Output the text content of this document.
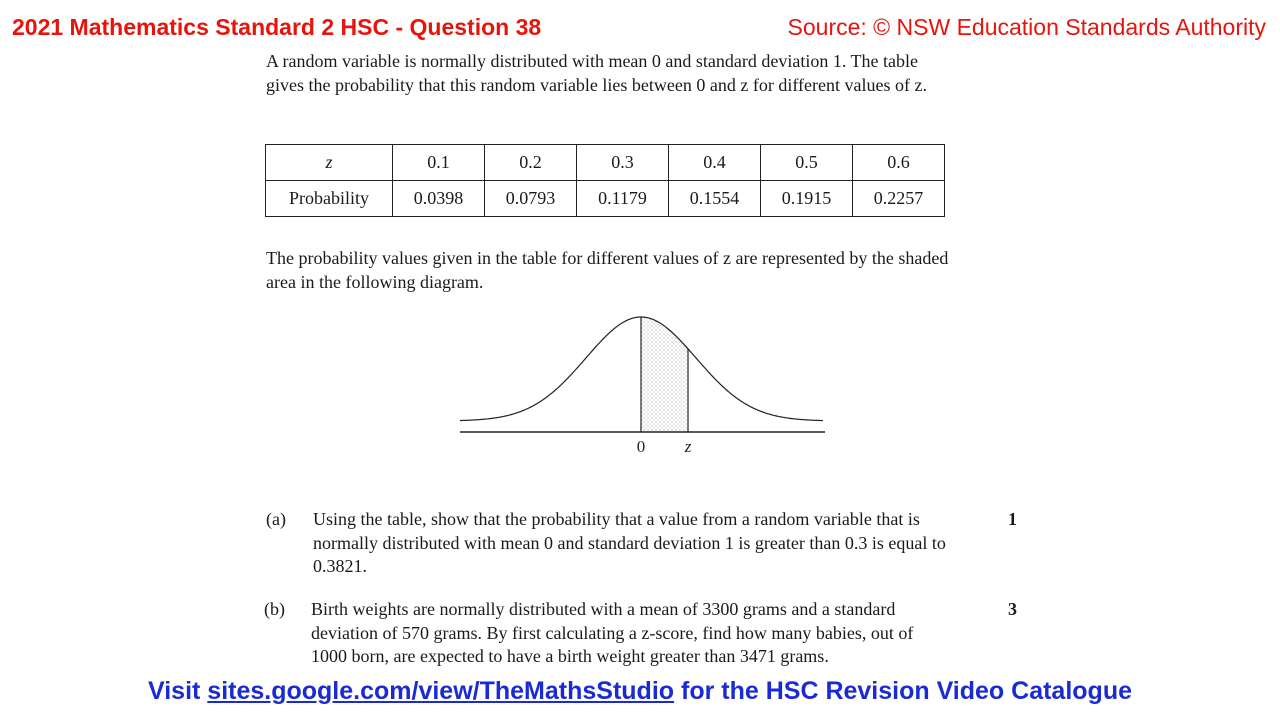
2021 Mathematics Standard 2 HSC - Question 38	Source: © NSW Education Standards Authority
A random variable is normally distributed with mean 0 and standard deviation 1. The table gives the probability that this random variable lies between 0 and z for different values of z.
z	0.1	0.2	0.3	0.4	0.5	0.6
Probability	0.0398	0.0793	0.1179	0.1554	0.1915	0.2257
The probability values given in the table for different values of z are represented by the shaded area in the following diagram.
0 z
(a) Using the table, show that the probability that a value from a random variable that is normally distributed with mean 0 and standard deviation 1 is greater than 0.3 is equal to 0.3821.
1
(b) Birth weights are normally distributed with a mean of 3300 grams and a standard deviation of 570 grams. By first calculating a z-score, find how many babies, out of 1000 born, are expected to have a birth weight greater than 3471 grams.
3
Visit sites.google.com/view/TheMathsStudio for the HSC Revision Video Catalogue
